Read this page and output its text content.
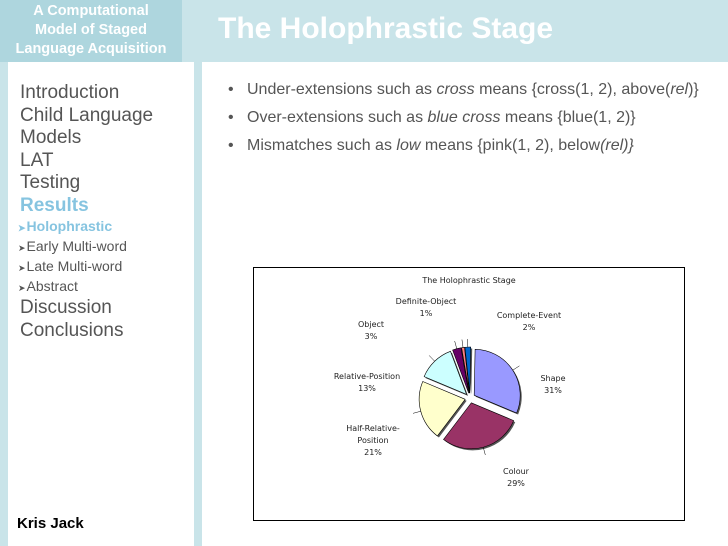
A Computational
Model of Staged
Language Acquisition
The Holophrastic Stage
Introduction
Child Language
Models
LAT
Testing
Results
➤Holophrastic
➤Early Multi-word
➤Late Multi-word
➤Abstract
Discussion
Conclusions
Kris Jack
• Under-extensions such as cross means {cross(1, 2), above(rel)}
• Over-extensions such as blue cross means {blue(1, 2)}
• Mismatches such as low means {pink(1, 2), below(rel)}
The Holophrastic Stage
Shape
31%
Colour
29%
Half-Relative-
Position
21%
Relative-Position
13%
Object
3%
Definite-Object
1%	Complete-Event
2%
